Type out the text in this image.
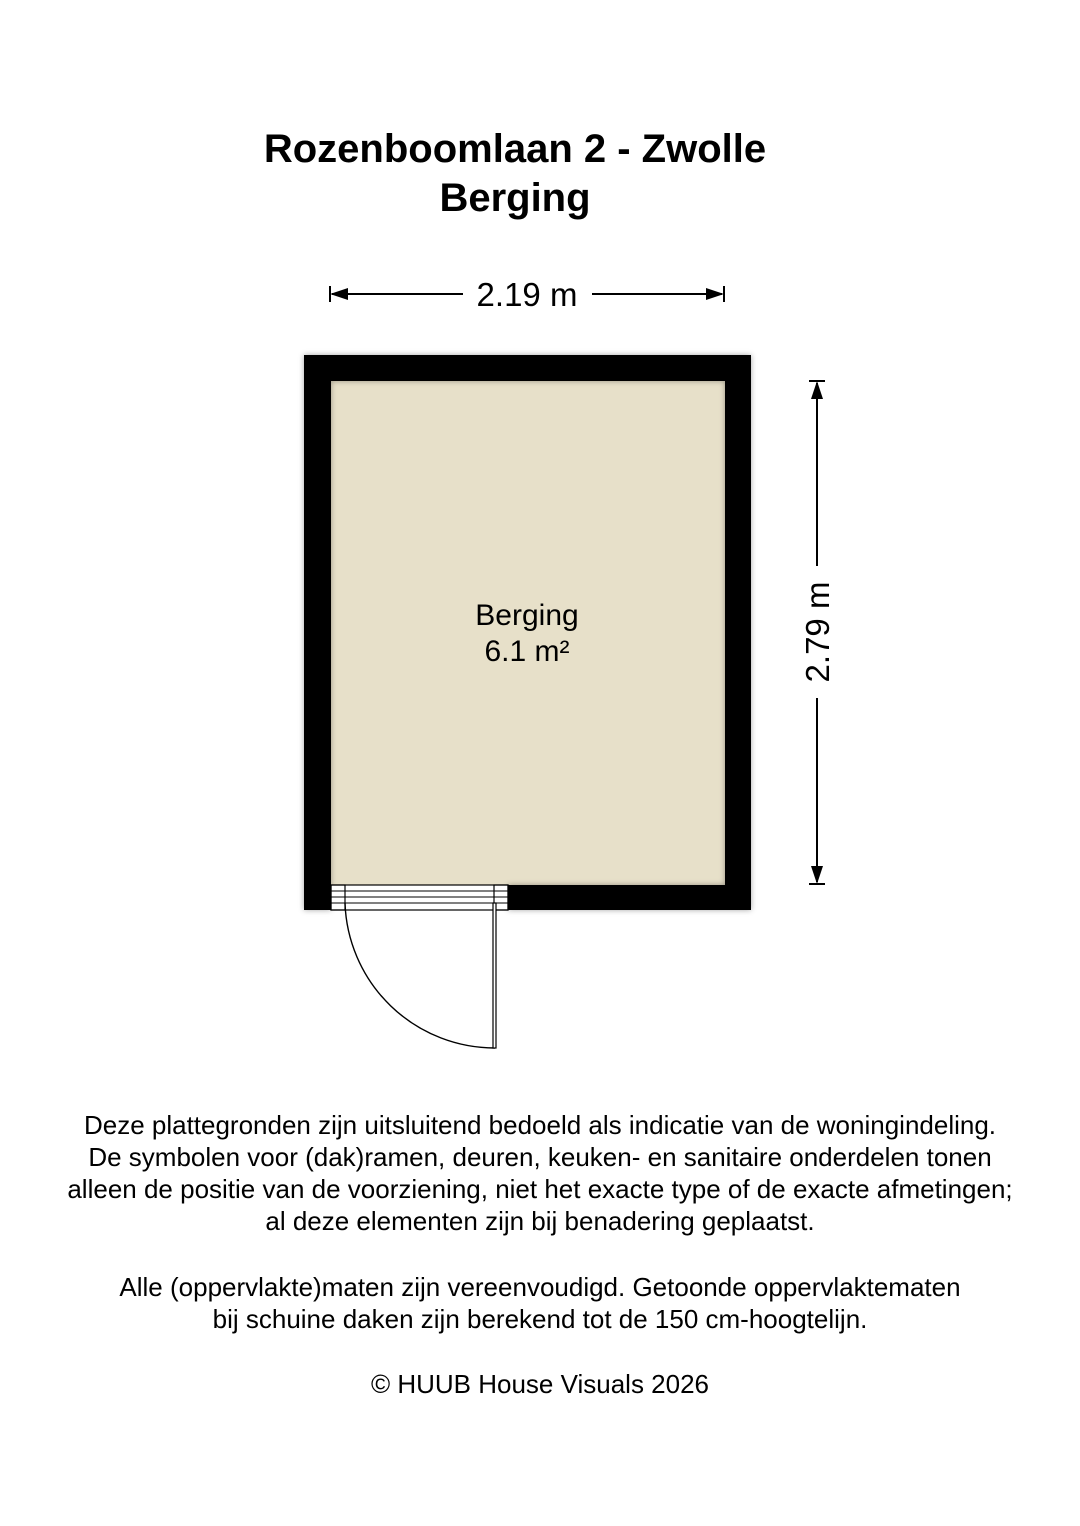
Rozenboomlaan 2 - Zwolle
Berging
2.19 m
2.79 m
Berging
6.1 m²

Deze plattegronden zijn uitsluitend bedoeld als indicatie van de woningindeling.

De symbolen voor (dak)ramen, deuren, keuken- en sanitaire onderdelen tonen

alleen de positie van de voorziening, niet het exacte type of de exacte afmetingen;

al deze elementen zijn bij benadering geplaatst.

Alle (oppervlakte)maten zijn vereenvoudigd. Getoonde oppervlaktematen

bij schuine daken zijn berekend tot de 150 cm-hoogtelijn.

© HUUB House Visuals 2026
